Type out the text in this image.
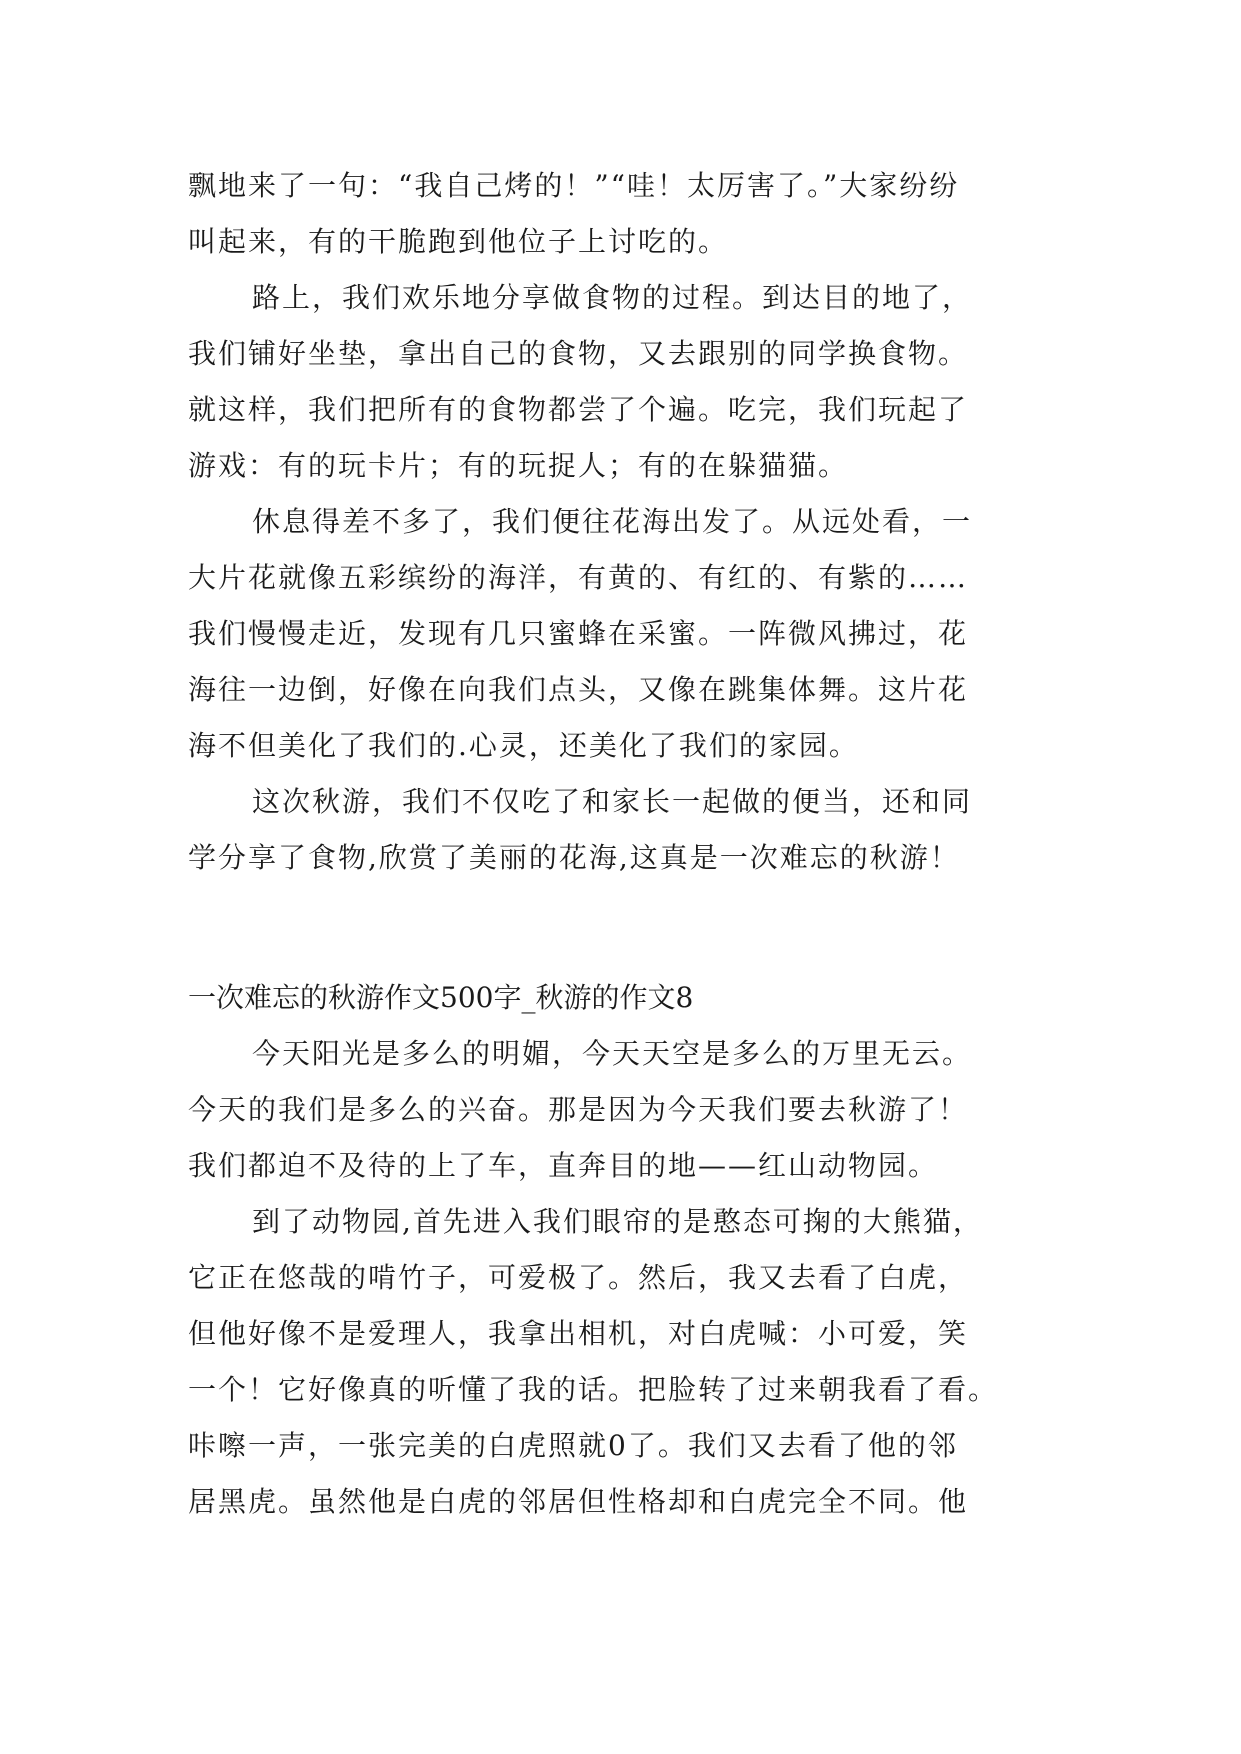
飘地来了一句：“我自己烤的！”“哇！太厉害了。”大家纷纷
叫起来，有的干脆跑到他位子上讨吃的。
路上，我们欢乐地分享做食物的过程。到达目的地了，
我们铺好坐垫，拿出自己的食物，又去跟别的同学换食物。
就这样，我们把所有的食物都尝了个遍。吃完，我们玩起了
游戏：有的玩卡片；有的玩捉人；有的在躲猫猫。
休息得差不多了，我们便往花海出发了。从远处看，一
大片花就像五彩缤纷的海洋，有黄的、有红的、有紫的……
我们慢慢走近，发现有几只蜜蜂在采蜜。一阵微风拂过，花
海往一边倒，好像在向我们点头，又像在跳集体舞。这片花
海不但美化了我们的.心灵，还美化了我们的家园。
这次秋游，我们不仅吃了和家长一起做的便当，还和同
学分享了食物,欣赏了美丽的花海,这真是一次难忘的秋游！
一次难忘的秋游作文500字_秋游的作文8
今天阳光是多么的明媚，今天天空是多么的万里无云。
今天的我们是多么的兴奋。那是因为今天我们要去秋游了！
我们都迫不及待的上了车，直奔目的地——红山动物园。
到了动物园,首先进入我们眼帘的是憨态可掬的大熊猫，
它正在悠哉的啃竹子，可爱极了。然后，我又去看了白虎，
但他好像不是爱理人，我拿出相机，对白虎喊：小可爱，笑
一个！它好像真的听懂了我的话。把脸转了过来朝我看了看。
咔嚓一声，一张完美的白虎照就0了。我们又去看了他的邻
居黑虎。虽然他是白虎的邻居但性格却和白虎完全不同。他
